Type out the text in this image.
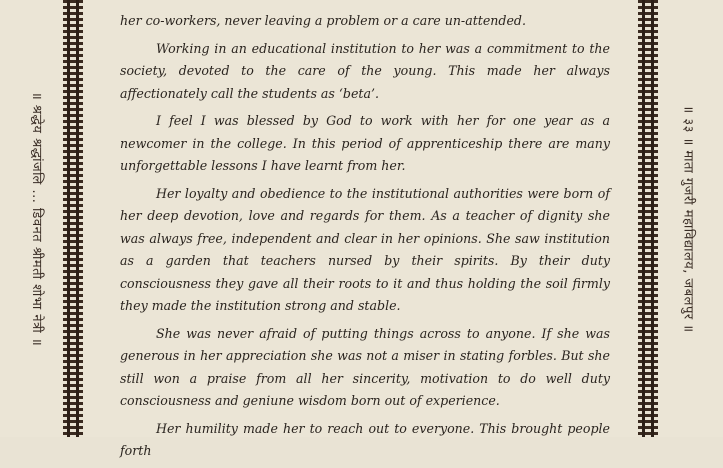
॥ श्रद्धेय श्रद्धांजलि ... डिवनत श्रीमती शोभा नेत्री ॥

her co-workers, never leaving a problem or a care un-attended.

Working in an educational institution to her was a commitment to the society, devoted to the care of the young. This made her always affectionately call the students as ‘beta’.

I feel I was blessed by God to work with her for one year as a newcomer in the college. In this period of apprenticeship there are many unforgettable lessons I have learnt from her.

Her loyalty and obedience to the institutional authorities were born of her deep devotion, love and regards for them. As a teacher of dignity she was always free, independent and clear in her opinions. She saw institution as a garden that teachers nursed by their spirits. By their duty consciousness they gave all their roots to it and thus holding the soil firmly they made the institution strong and stable.

She was never afraid of putting things across to anyone. If she was generous in her appreciation she was not a miser in stating forbles. But she still won a praise from all her sincerity, motivation to do well duty consciousness and geniune wisdom born out of experience.

Her humility made her to reach out to everyone. This brought people forth

॥ ३३ ॥ माता गुजरी महाविद्यालय, जबलपुर ॥
